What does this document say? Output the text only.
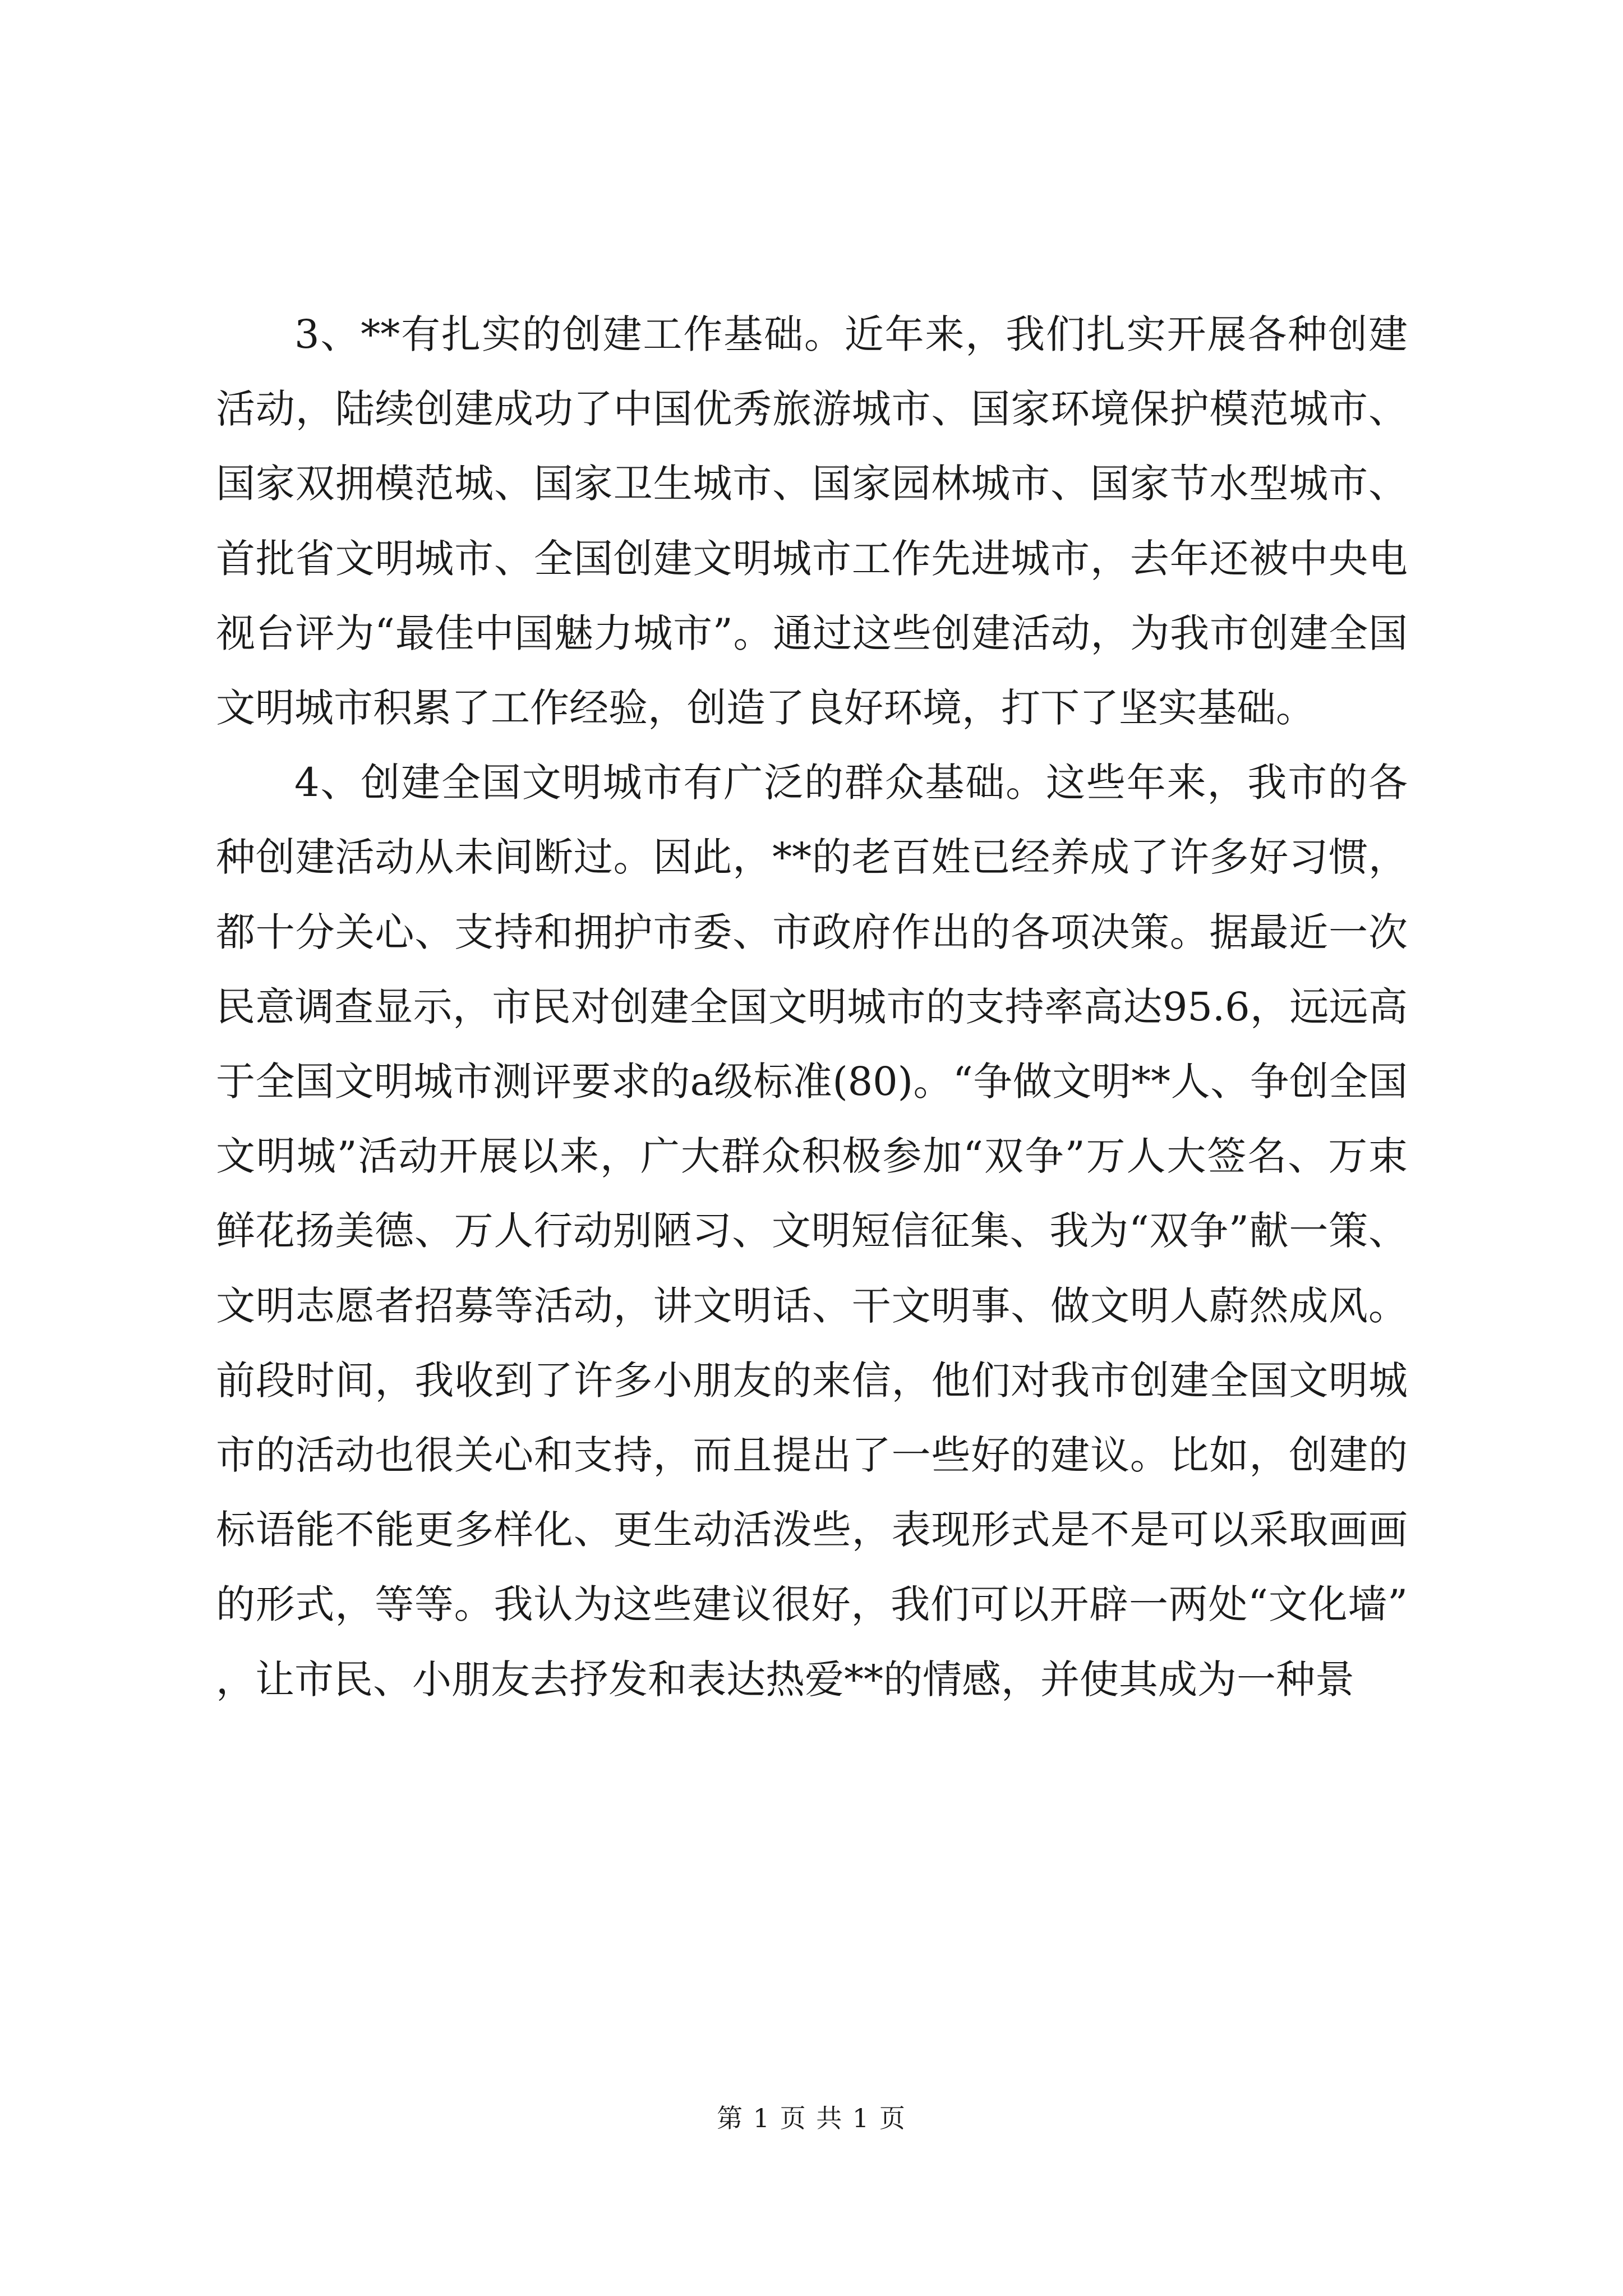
3、**有扎实的创建工作基础。近年来，我们扎实开展各种创建活动，陆续创建成功了中国优秀旅游城市、国家环境保护模范城市、国家双拥模范城、国家卫生城市、国家园林城市、国家节水型城市、首批省文明城市、全国创建文明城市工作先进城市，去年还被中央电视台评为“最佳中国魅力城市”。通过这些创建活动，为我市创建全国文明城市积累了工作经验，创造了良好环境，打下了坚实基础。

4、创建全国文明城市有广泛的群众基础。这些年来，我市的各种创建活动从未间断过。因此，**的老百姓已经养成了许多好习惯，都十分关心、支持和拥护市委、市政府作出的各项决策。据最近一次民意调查显示，市民对创建全国文明城市的支持率高达95.6，远远高于全国文明城市测评要求的a级标准(80)。“争做文明**人、争创全国文明城”活动开展以来，广大群众积极参加“双争”万人大签名、万束鲜花扬美德、万人行动别陋习、文明短信征集、我为“双争”献一策、文明志愿者招募等活动，讲文明话、干文明事、做文明人蔚然成风。前段时间，我收到了许多小朋友的来信，他们对我市创建全国文明城市的活动也很关心和支持，而且提出了一些好的建议。比如，创建的标语能不能更多样化、更生动活泼些，表现形式是不是可以采取画画的形式，等等。我认为这些建议很好，我们可以开辟一两处“文化墙”，让市民、小朋友去抒发和表达热爱**的情感，并使其成为一种景

第 1 页 共 1 页
